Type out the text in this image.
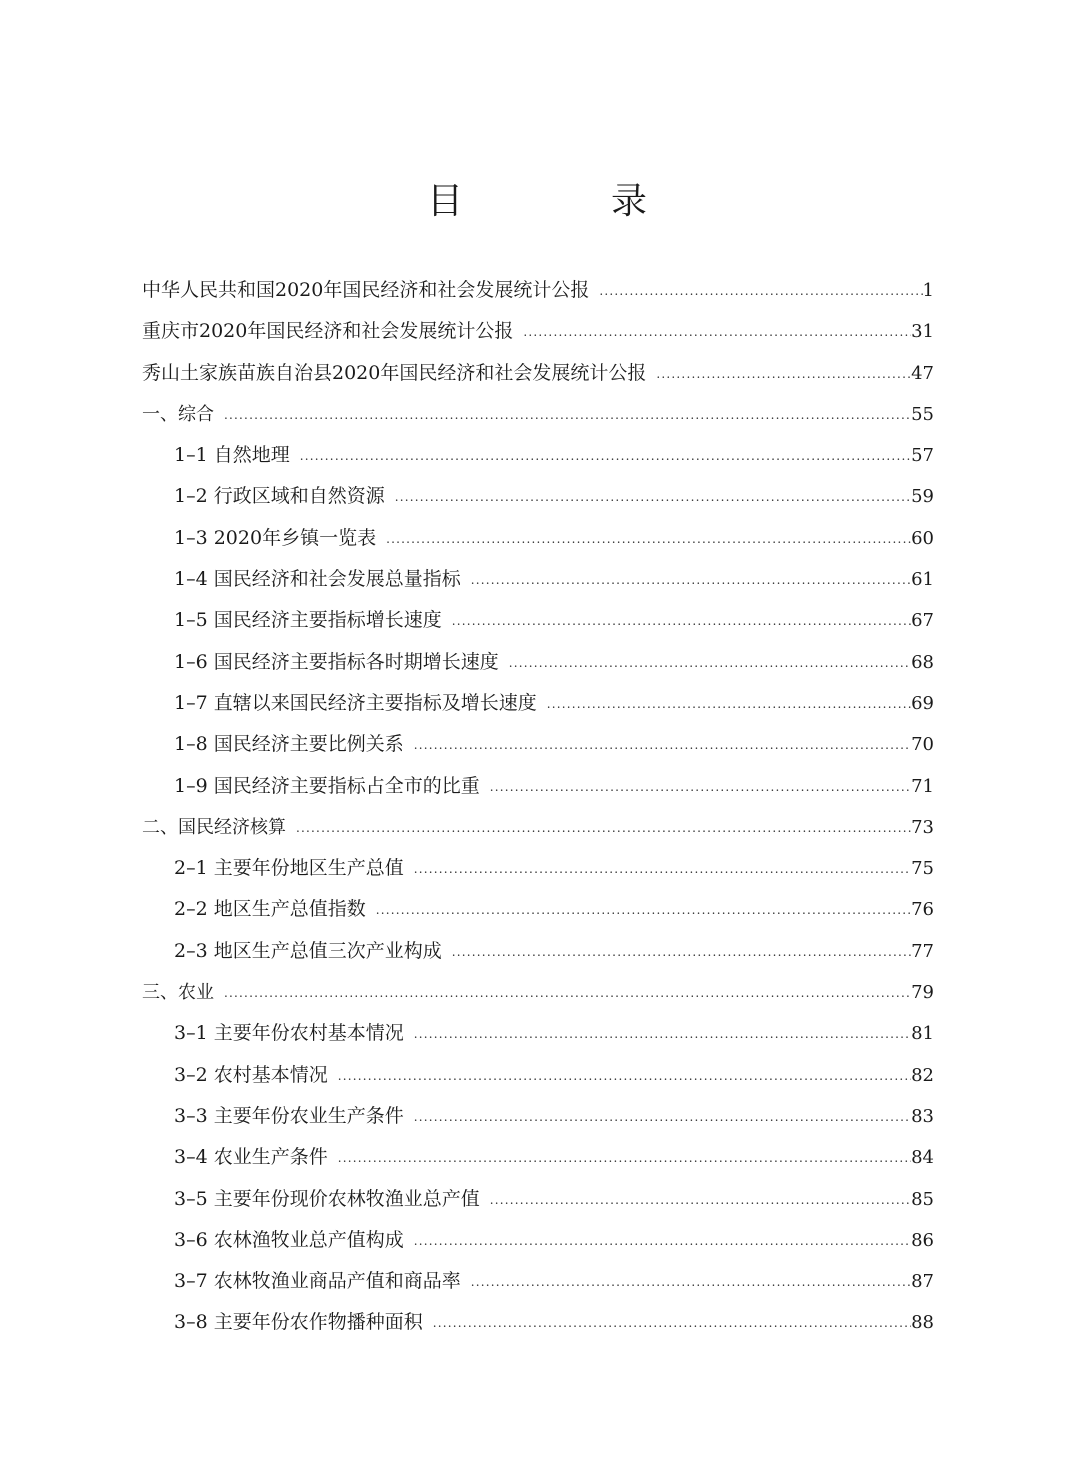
目　录
中华人民共和国2020年国民经济和社会发展统计公报 .....	1
重庆市2020年国民经济和社会发展统计公报 .....	31
秀山土家族苗族自治县2020年国民经济和社会发展统计公报 .....	47
一、综合 .....	55
1–1 自然地理 .....	57
1–2 行政区域和自然资源 .....	59
1–3 2020年乡镇一览表 .....	60
1–4 国民经济和社会发展总量指标 .....	61
1–5 国民经济主要指标增长速度 .....	67
1–6 国民经济主要指标各时期增长速度 .....	68
1–7 直辖以来国民经济主要指标及增长速度 .....	69
1–8 国民经济主要比例关系 .....	70
1–9 国民经济主要指标占全市的比重 .....	71
二、国民经济核算 .....	73
2–1 主要年份地区生产总值 .....	75
2–2 地区生产总值指数 .....	76
2–3 地区生产总值三次产业构成 .....	77
三、农业 .....	79
3–1 主要年份农村基本情况 .....	81
3–2 农村基本情况 .....	82
3–3 主要年份农业生产条件 .....	83
3–4 农业生产条件 .....	84
3–5 主要年份现价农林牧渔业总产值 .....	85
3–6 农林渔牧业总产值构成 .....	86
3–7 农林牧渔业商品产值和商品率 .....	87
3–8 主要年份农作物播种面积 .....	88
